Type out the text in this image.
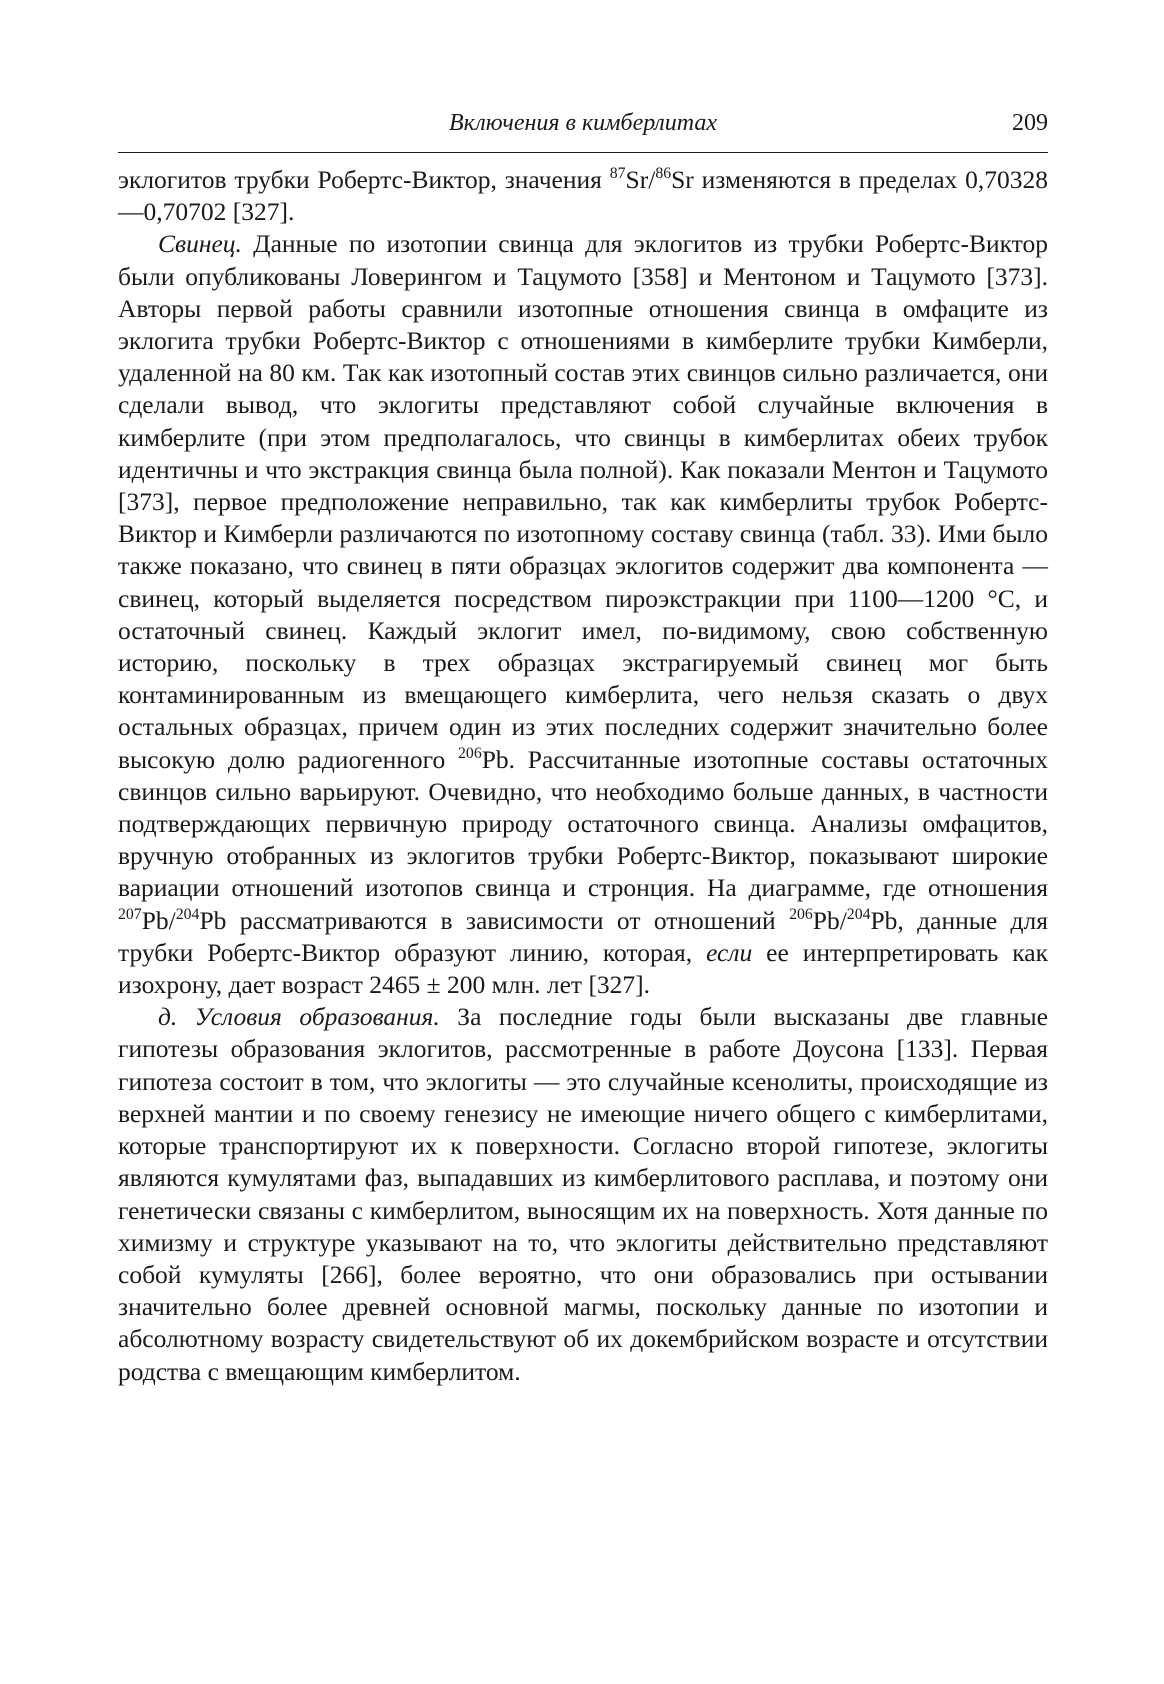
Включения в кимберлитах	209

эклогитов трубки Робертс-Виктор, значения $^{87}$Sr/$^{86}$Sr изменяются в пределах 0,70328—0,70702 [327].

Свинец. Данные по изотопии свинца для эклогитов из трубки Робертс-Виктор были опубликованы Ловерингом и Тацумото [358] и Ментоном и Тацумото [373]. Авторы первой работы сравнили изотопные отношения свинца в омфаците из эклогита трубки Робертс-Виктор с отношениями в кимберлите трубки Кимберли, удаленной на 80 км. Так как изотопный состав этих свинцов сильно различается, они сделали вывод, что эклогиты представляют собой случайные включения в кимберлите (при этом предполагалось, что свинцы в кимберлитах обеих трубок идентичны и что экстракция свинца была полной). Как показали Ментон и Тацумото [373], первое предположение неправильно, так как кимберлиты трубок Робертс-Виктор и Кимберли различаются по изотопному составу свинца (табл. 33). Ими было также показано, что свинец в пяти образцах эклогитов содержит два компонента — свинец, который выделяется посредством пироэкстракции при 1100—1200 °С, и остаточный свинец. Каждый эклогит имел, по-видимому, свою собственную историю, поскольку в трех образцах экстрагируемый свинец мог быть контаминированным из вмещающего кимберлита, чего нельзя сказать о двух остальных образцах, причем один из этих последних содержит значительно более высокую долю радиогенного $^{206}$Pb. Рассчитанные изотопные составы остаточных свинцов сильно варьируют. Очевидно, что необходимо больше данных, в частности подтверждающих первичную природу остаточного свинца. Анализы омфацитов, вручную отобранных из эклогитов трубки Робертс-Виктор, показывают широкие вариации отношений изотопов свинца и стронция. На диаграмме, где отношения $^{207}$Pb/$^{204}$Pb рассматриваются в зависимости от отношений $^{206}$Pb/$^{204}$Pb, данные для трубки Робертс-Виктор образуют линию, которая, если ее интерпретировать как изохрону, дает возраст 2465 ± 200 млн. лет [327].

д. Условия образования. За последние годы были высказаны две главные гипотезы образования эклогитов, рассмотренные в работе Доусона [133]. Первая гипотеза состоит в том, что эклогиты — это случайные ксенолиты, происходящие из верхней мантии и по своему генезису не имеющие ничего общего с кимберлитами, которые транспортируют их к поверхности. Согласно второй гипотезе, эклогиты являются кумулятами фаз, выпадавших из кимберлитового расплава, и поэтому они генетически связаны с кимберлитом, выносящим их на поверхность. Хотя данные по химизму и структуре указывают на то, что эклогиты действительно представляют собой кумуляты [266], более вероятно, что они образовались при остывании значительно более древней основной магмы, поскольку данные по изотопии и абсолютному возрасту свидетельствуют об их докембрийском возрасте и отсутствии родства с вмещающим кимберлитом.
